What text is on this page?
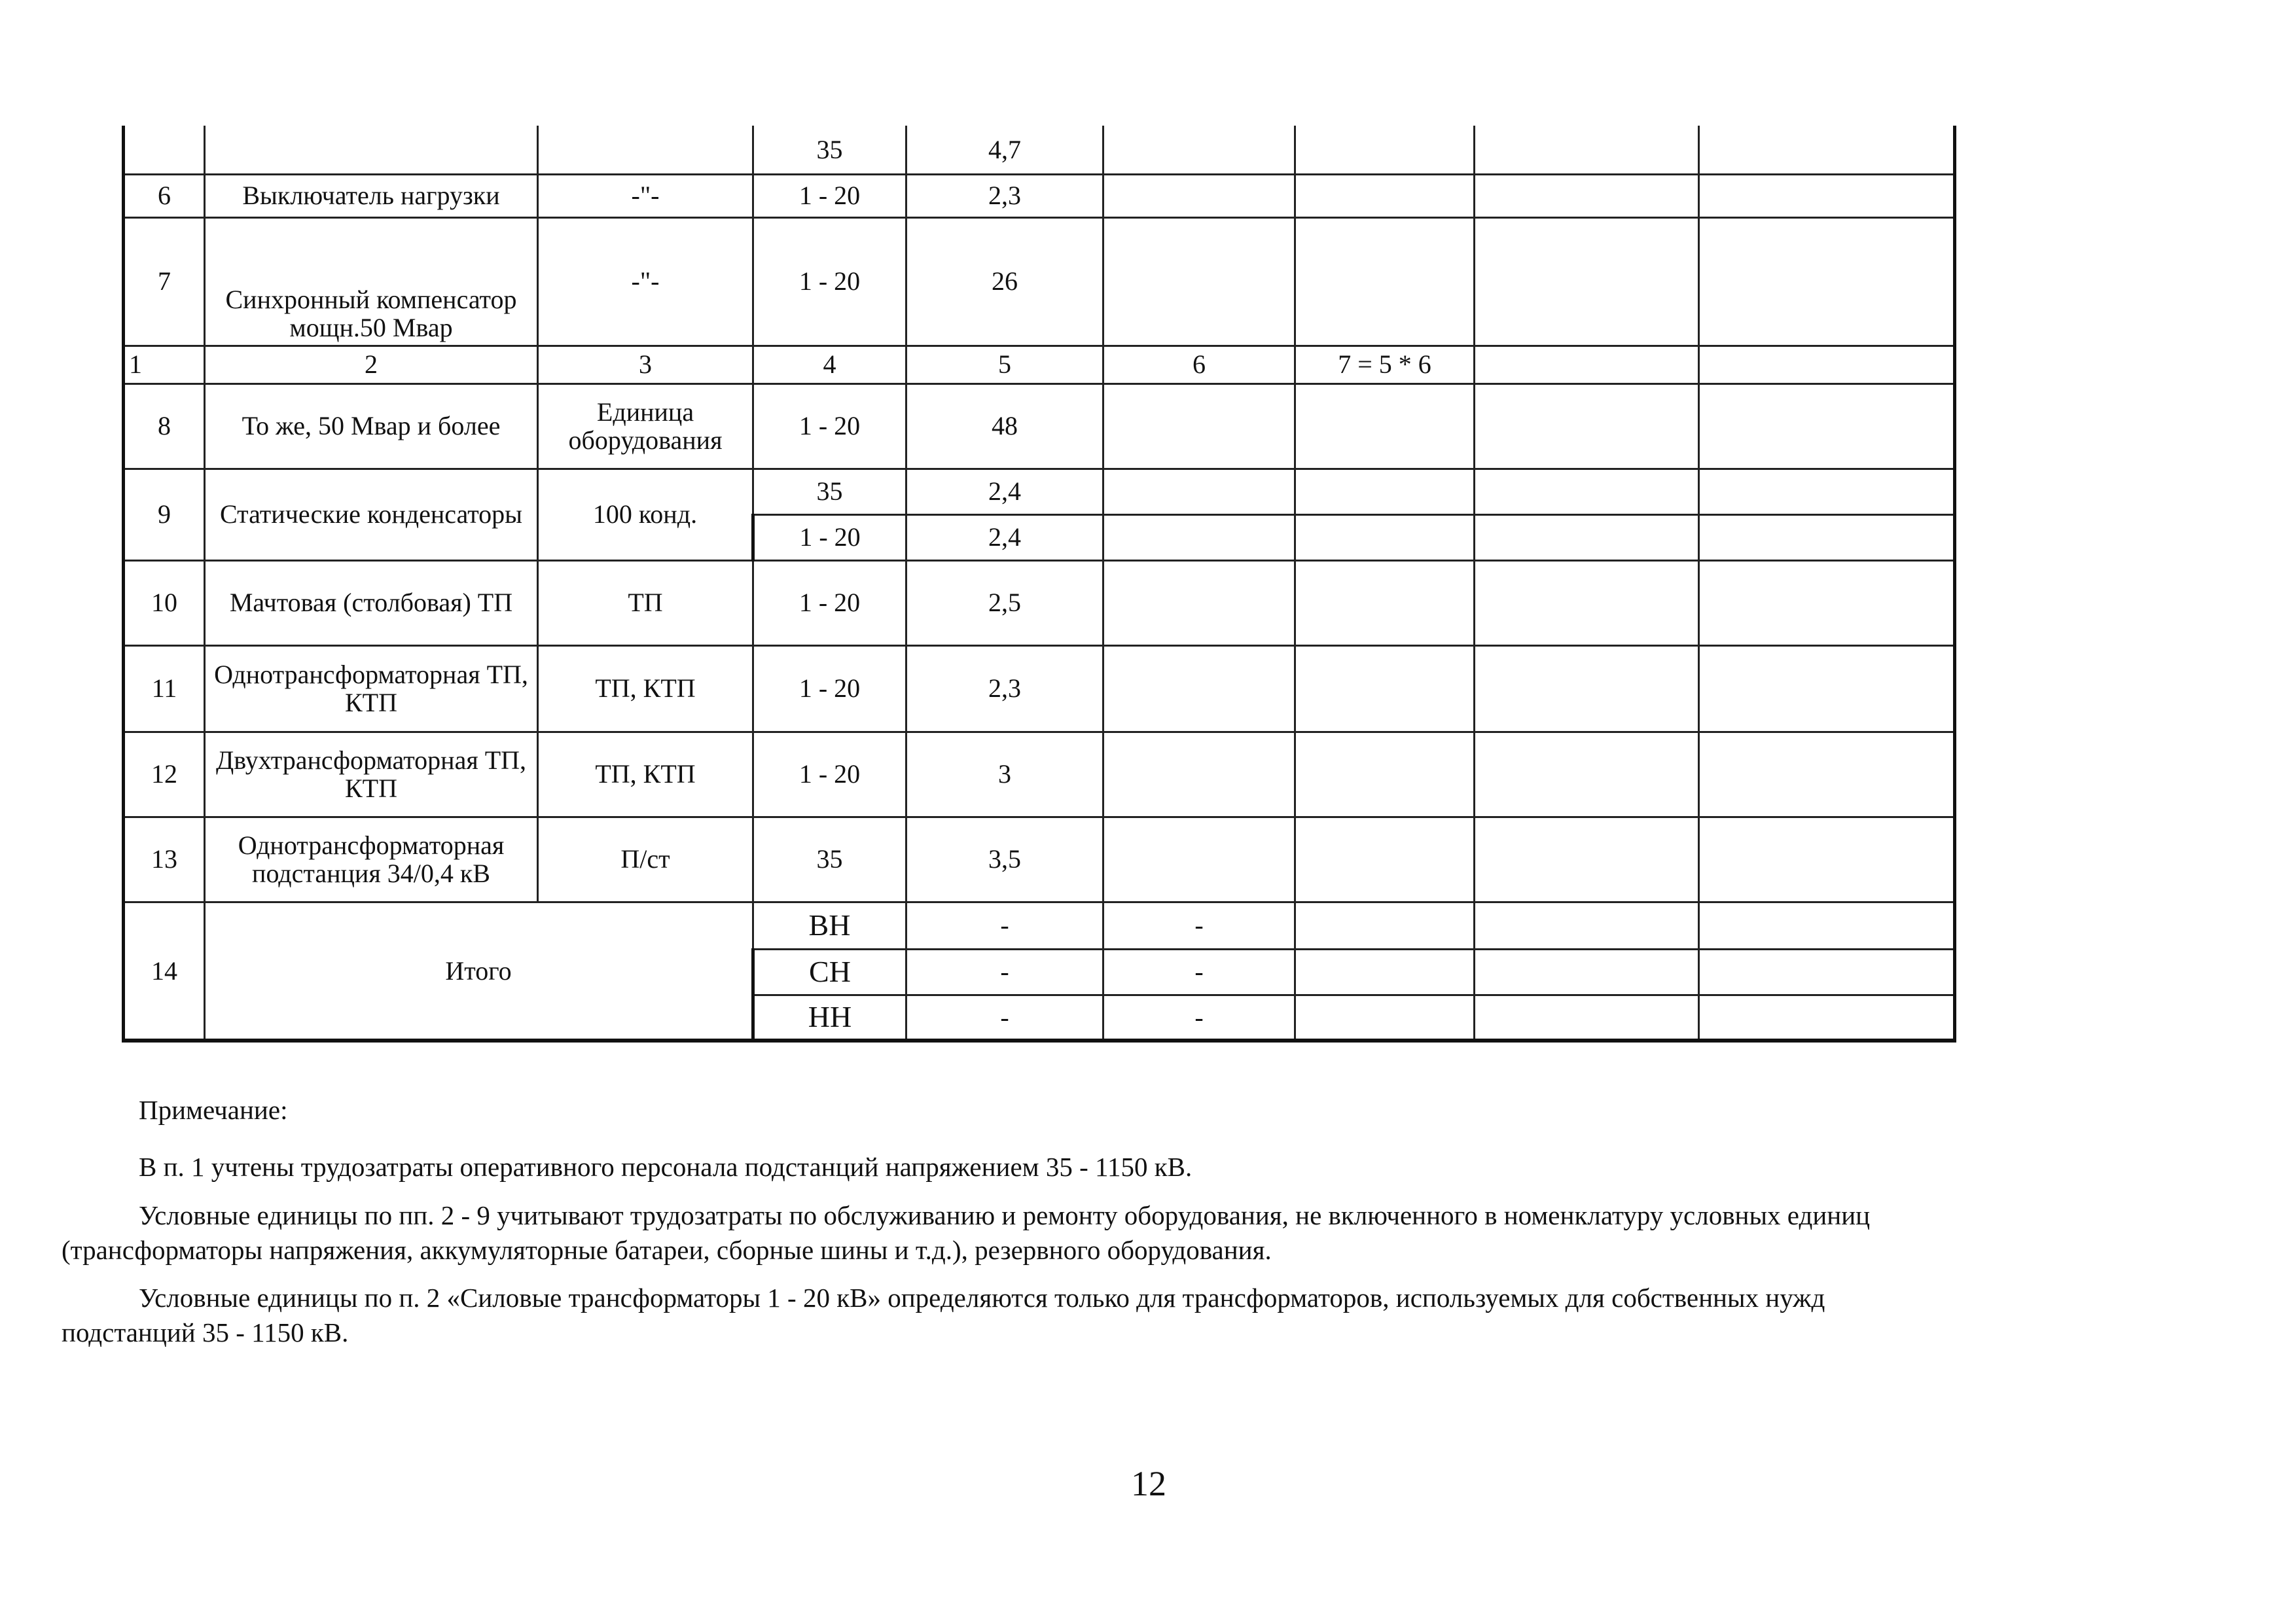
			35	4,7				
6	Выключатель нагрузки	-"-	1 - 20	2,3				
7	Синхронный компенсатор мощн.50 Мвар	-"-	1 - 20	26				
1	2	3	4	5	6	7 = 5 * 6		
8	То же, 50 Мвар и более	Единица оборудования	1 - 20	48				
9	Статические конденсаторы	100 конд.	35	2,4				
			1 - 20	2,4				
10	Мачтовая (столбовая) ТП	ТП	1 - 20	2,5				
11	Однотрансформаторная ТП, КТП	ТП, КТП	1 - 20	2,3				
12	Двухтрансформаторная ТП, КТП	ТП, КТП	1 - 20	3				
13	Однотрансформаторная подстанция 34/0,4 кВ	П/ст	35	3,5				
14	Итого		ВН	-	-			
			СН	-	-			
			НН	-	-			

Примечание:

В п. 1 учтены трудозатраты оперативного персонала подстанций напряжением 35 - 1150 кВ.

Условные единицы по пп. 2 - 9 учитывают трудозатраты по обслуживанию и ремонту оборудования, не включенного в номенклатуру условных единиц (трансформаторы напряжения, аккумуляторные батареи, сборные шины и т.д.), резервного оборудования.

Условные единицы по п. 2 «Силовые трансформаторы 1 - 20 кВ» определяются только для трансформаторов, используемых для собственных нужд подстанций 35 - 1150 кВ.

12
